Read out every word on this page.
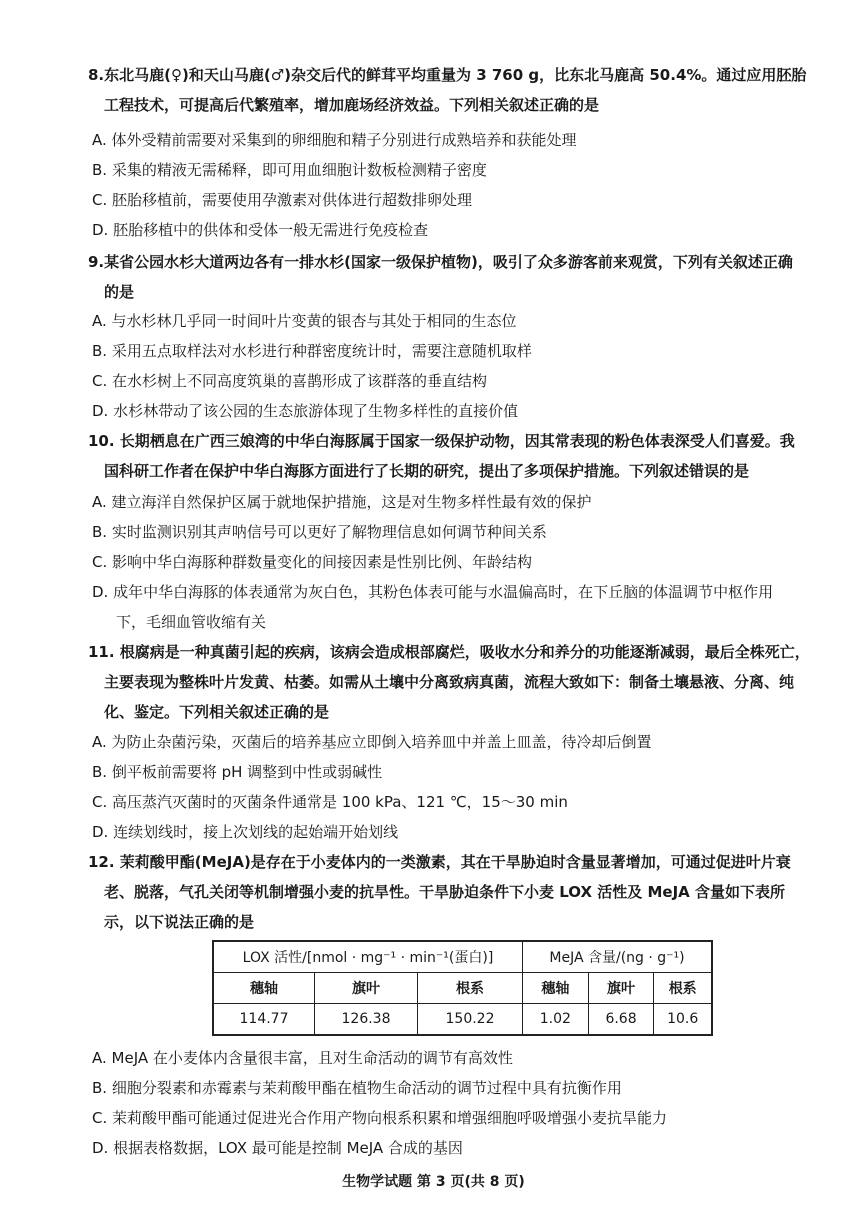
8.东北马鹿(♀)和天山马鹿(♂)杂交后代的鲜茸平均重量为 3 760 g，比东北马鹿高 50.4%。通过应用胚胎
工程技术，可提高后代繁殖率，增加鹿场经济效益。下列相关叙述正确的是
A. 体外受精前需要对采集到的卵细胞和精子分别进行成熟培养和获能处理
B. 采集的精液无需稀释，即可用血细胞计数板检测精子密度
C. 胚胎移植前，需要使用孕激素对供体进行超数排卵处理
D. 胚胎移植中的供体和受体一般无需进行免疫检查
9.某省公园水杉大道两边各有一排水杉(国家一级保护植物)，吸引了众多游客前来观赏，下列有关叙述正确
的是
A. 与水杉林几乎同一时间叶片变黄的银杏与其处于相同的生态位
B. 采用五点取样法对水杉进行种群密度统计时，需要注意随机取样
C. 在水杉树上不同高度筑巢的喜鹊形成了该群落的垂直结构
D. 水杉林带动了该公园的生态旅游体现了生物多样性的直接价值
10. 长期栖息在广西三娘湾的中华白海豚属于国家一级保护动物，因其常表现的粉色体表深受人们喜爱。我
国科研工作者在保护中华白海豚方面进行了长期的研究，提出了多项保护措施。下列叙述错误的是
A. 建立海洋自然保护区属于就地保护措施，这是对生物多样性最有效的保护
B. 实时监测识别其声呐信号可以更好了解物理信息如何调节种间关系
C. 影响中华白海豚种群数量变化的间接因素是性别比例、年龄结构
D. 成年中华白海豚的体表通常为灰白色，其粉色体表可能与水温偏高时，在下丘脑的体温调节中枢作用
下，毛细血管收缩有关
11. 根腐病是一种真菌引起的疾病，该病会造成根部腐烂，吸收水分和养分的功能逐渐减弱，最后全株死亡，
主要表现为整株叶片发黄、枯萎。如需从土壤中分离致病真菌，流程大致如下：制备土壤悬液、分离、纯
化、鉴定。下列相关叙述正确的是
A. 为防止杂菌污染，灭菌后的培养基应立即倒入培养皿中并盖上皿盖，待冷却后倒置
B. 倒平板前需要将 pH 调整到中性或弱碱性
C. 高压蒸汽灭菌时的灭菌条件通常是 100 kPa、121 ℃，15～30 min
D. 连续划线时，接上次划线的起始端开始划线
12. 茉莉酸甲酯(MeJA)是存在于小麦体内的一类激素，其在干旱胁迫时含量显著增加，可通过促进叶片衰
老、脱落，气孔关闭等机制增强小麦的抗旱性。干旱胁迫条件下小麦 LOX 活性及 MeJA 含量如下表所
示，以下说法正确的是
LOX 活性/[nmol · mg⁻¹ · min⁻¹(蛋白)]			MeJA 含量/(ng · g⁻¹)		
穗轴	旗叶	根系	穗轴	旗叶	根系
114.77	126.38	150.22	1.02	6.68	10.6
A. MeJA 在小麦体内含量很丰富，且对生命活动的调节有高效性
B. 细胞分裂素和赤霉素与茉莉酸甲酯在植物生命活动的调节过程中具有抗衡作用
C. 茉莉酸甲酯可能通过促进光合作用产物向根系积累和增强细胞呼吸增强小麦抗旱能力
D. 根据表格数据，LOX 最可能是控制 MeJA 合成的基因
生物学试题 第 3 页(共 8 页)
